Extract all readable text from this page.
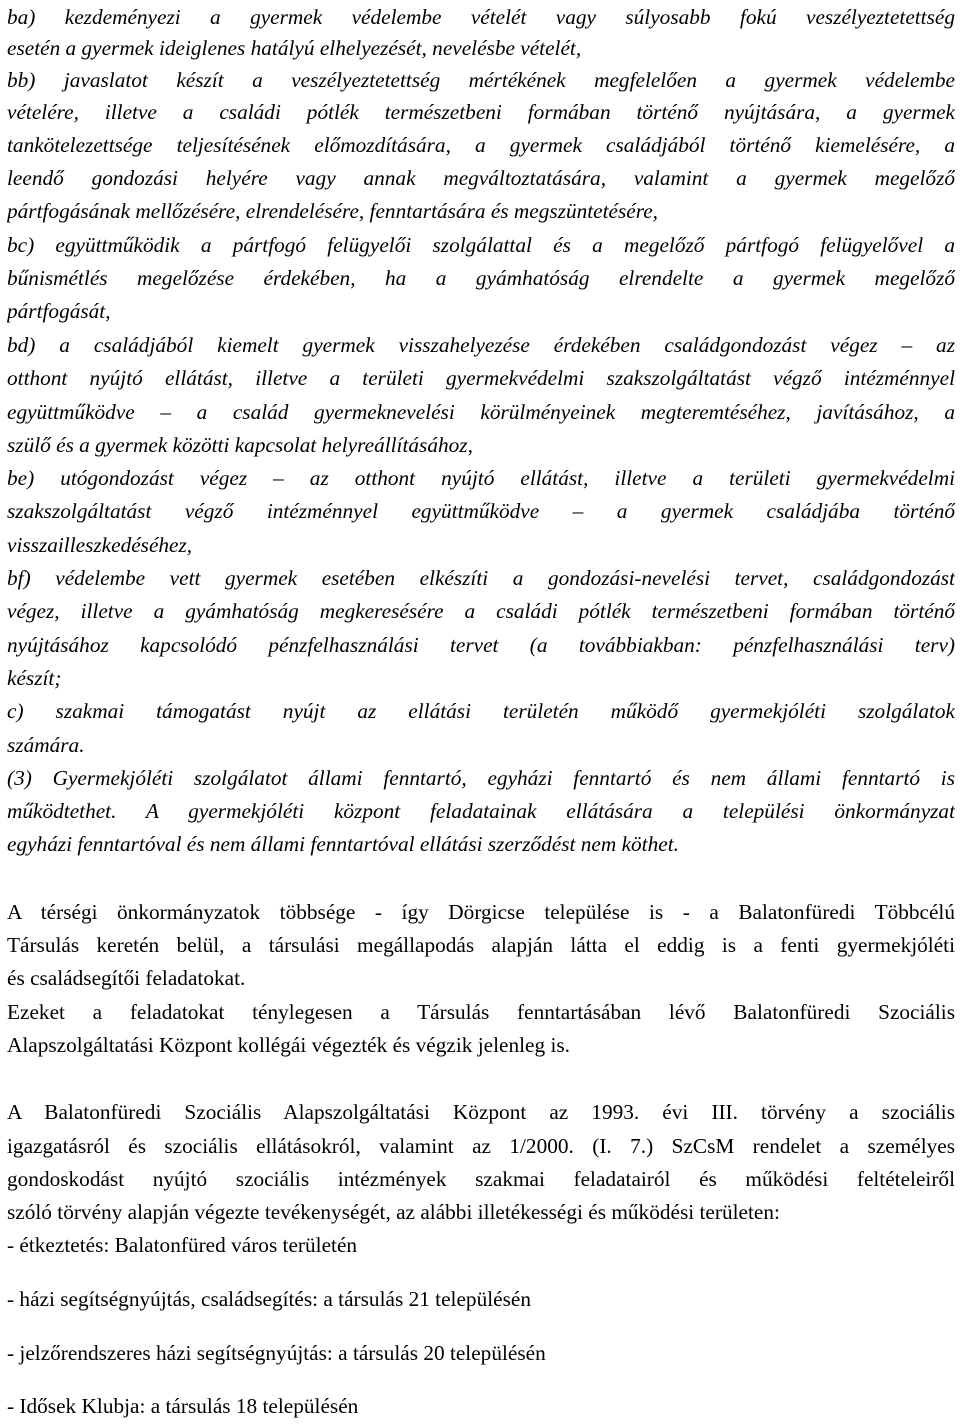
ba) kezdeményezi a gyermek védelembe vételét vagy súlyosabb fokú veszélyeztetettség
esetén a gyermek ideiglenes hatályú elhelyezését, nevelésbe vételét,
bb) javaslatot készít a veszélyeztetettség mértékének megfelelően a gyermek védelembe
vételére, illetve a családi pótlék természetbeni formában történő nyújtására, a gyermek
tankötelezettsége teljesítésének előmozdítására, a gyermek családjából történő kiemelésére, a
leendő gondozási helyére vagy annak megváltoztatására, valamint a gyermek megelőző
pártfogásának mellőzésére, elrendelésére, fenntartására és megszüntetésére,
bc) együttműködik a pártfogó felügyelői szolgálattal és a megelőző pártfogó felügyelővel a
bűnismétlés megelőzése érdekében, ha a gyámhatóság elrendelte a gyermek megelőző
pártfogását,
bd) a családjából kiemelt gyermek visszahelyezése érdekében családgondozást végez – az
otthont nyújtó ellátást, illetve a területi gyermekvédelmi szakszolgáltatást végző intézménnyel
együttműködve – a család gyermeknevelési körülményeinek megteremtéséhez, javításához, a
szülő és a gyermek közötti kapcsolat helyreállításához,
be) utógondozást végez – az otthont nyújtó ellátást, illetve a területi gyermekvédelmi
szakszolgáltatást végző intézménnyel együttműködve – a gyermek családjába történő
visszailleszkedéséhez,
bf) védelembe vett gyermek esetében elkészíti a gondozási-nevelési tervet, családgondozást
végez, illetve a gyámhatóság megkeresésére a családi pótlék természetbeni formában történő
nyújtásához kapcsolódó pénzfelhasználási tervet (a továbbiakban: pénzfelhasználási terv)
készít;
c) szakmai támogatást nyújt az ellátási területén működő gyermekjóléti szolgálatok
számára.
(3) Gyermekjóléti szolgálatot állami fenntartó, egyházi fenntartó és nem állami fenntartó is
működtethet. A gyermekjóléti központ feladatainak ellátására a települési önkormányzat
egyházi fenntartóval és nem állami fenntartóval ellátási szerződést nem köthet.
A térségi önkormányzatok többsége - így Dörgicse települése is - a Balatonfüredi Többcélú
Társulás keretén belül, a társulási megállapodás alapján látta el eddig is a fenti gyermekjóléti
és családsegítői feladatokat.
Ezeket a feladatokat ténylegesen a Társulás fenntartásában lévő Balatonfüredi Szociális
Alapszolgáltatási Központ kollégái végezték és végzik jelenleg is.
A Balatonfüredi Szociális Alapszolgáltatási Központ az 1993. évi III. törvény a szociális
igazgatásról és szociális ellátásokról, valamint az 1/2000. (I. 7.) SzCsM rendelet a személyes
gondoskodást nyújtó szociális intézmények szakmai feladatairól és működési feltételeiről
szóló törvény alapján végezte tevékenységét, az alábbi illetékességi és működési területen:
- étkeztetés: Balatonfüred város területén
- házi segítségnyújtás, családsegítés: a társulás 21 településén
- jelzőrendszeres házi segítségnyújtás: a társulás 20 településén
- Idősek Klubja: a társulás 18 településén
